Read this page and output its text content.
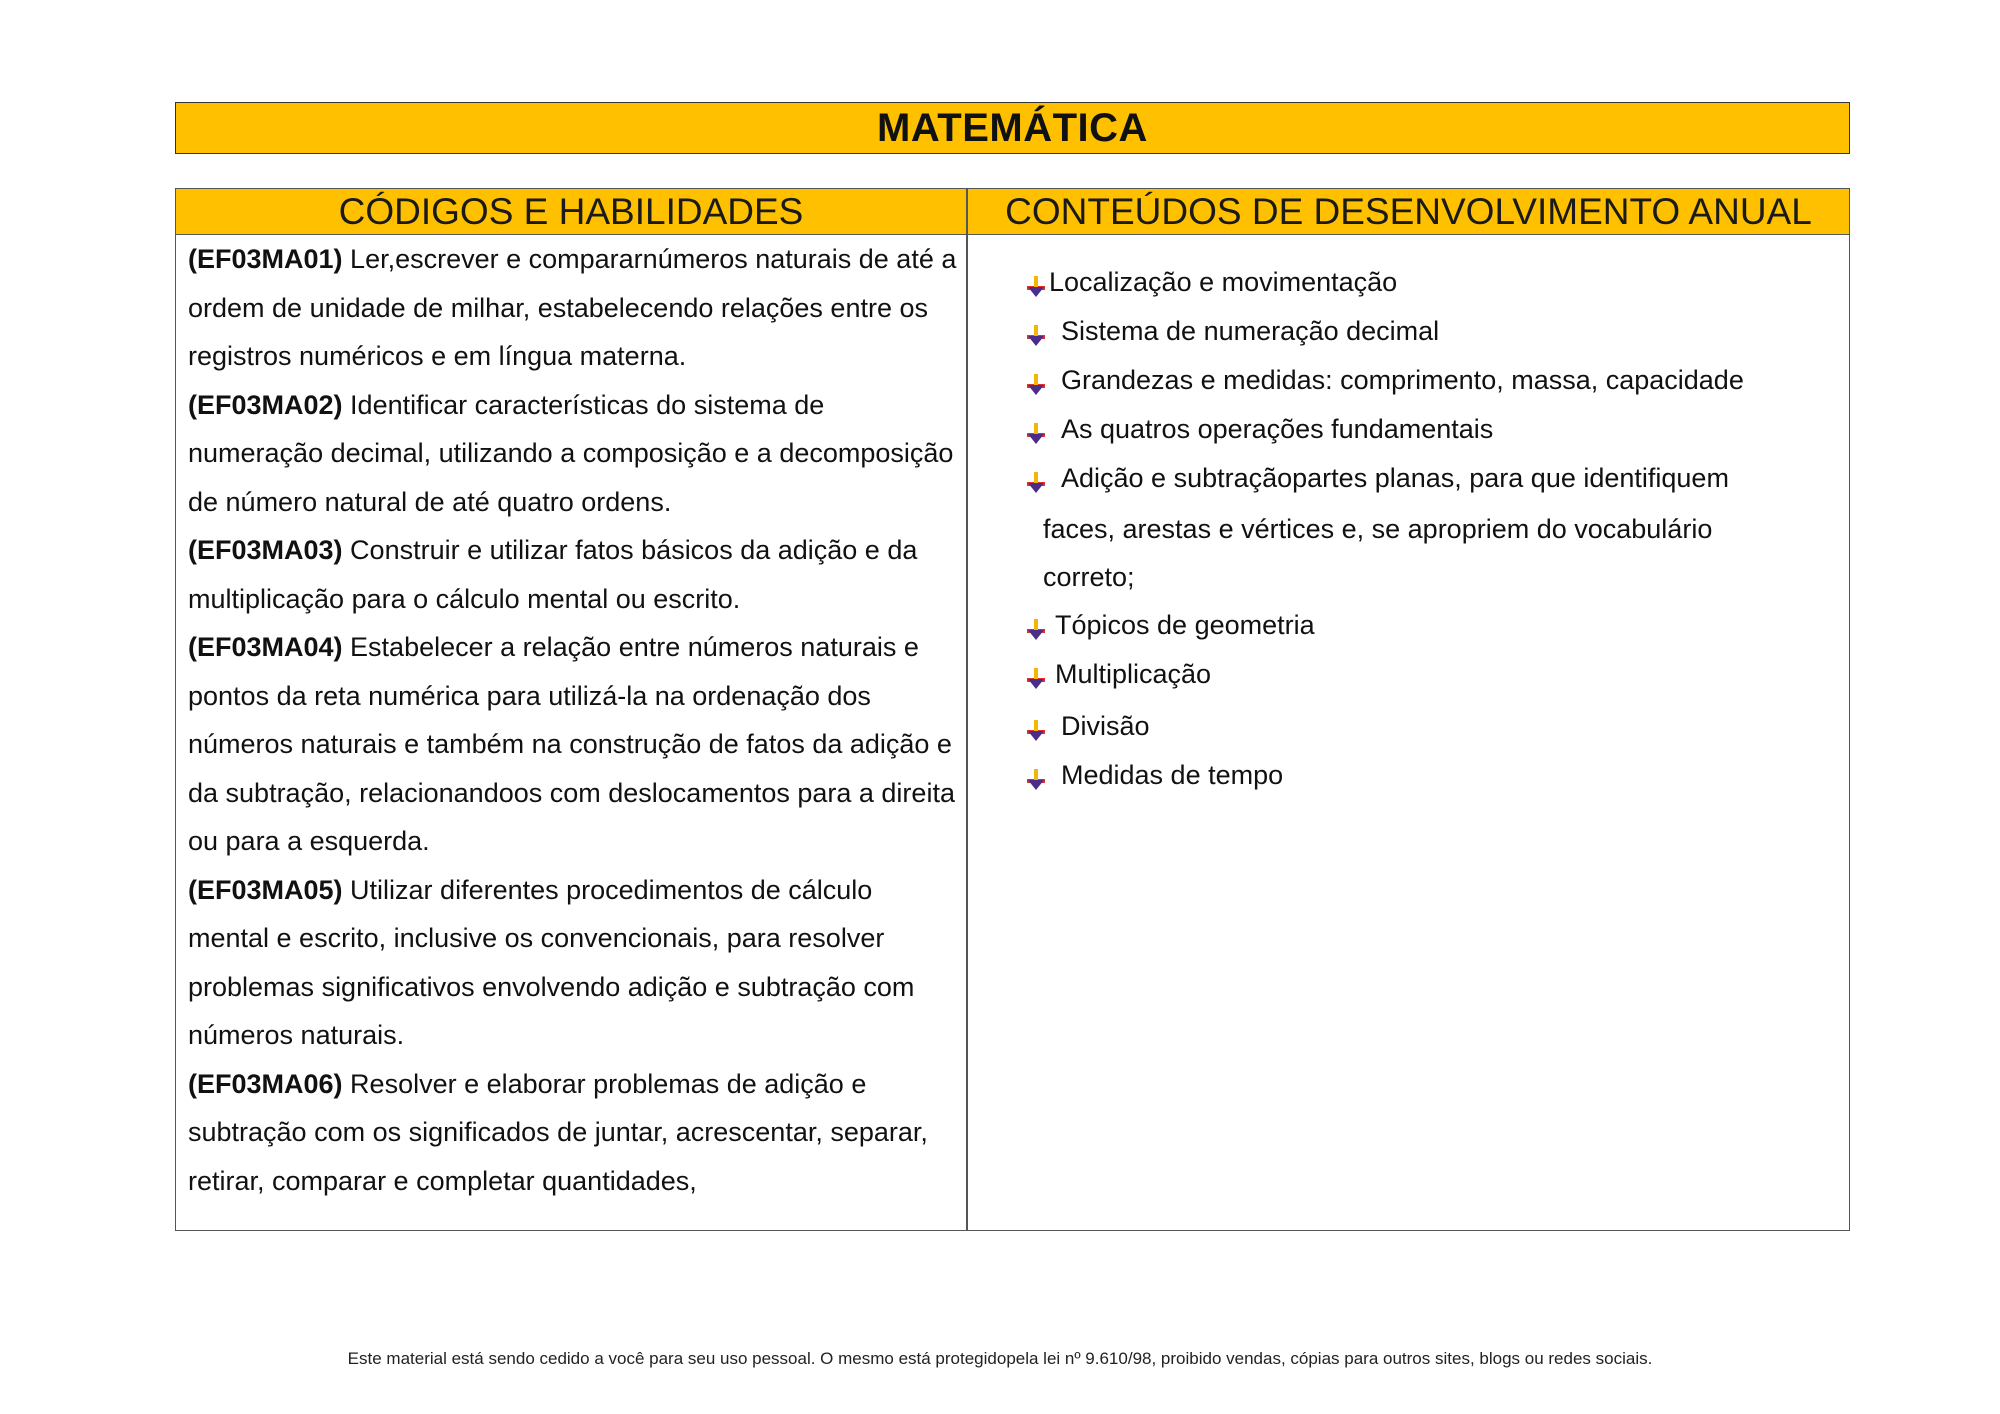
MATEMÁTICA
CÓDIGOS E HABILIDADES	CONTEÚDOS DE DESENVOLVIMENTO ANUAL
(EF03MA01) Ler,escrever e compararnúmeros naturais de até a ordem de unidade de milhar, estabelecendo relações entre os registros numéricos e em língua materna.
(EF03MA02) Identificar características do sistema de numeração decimal, utilizando a composição e a decomposição de número natural de até quatro ordens.
(EF03MA03) Construir e utilizar fatos básicos da adição e da multiplicação para o cálculo mental ou escrito.
(EF03MA04) Estabelecer a relação entre números naturais e pontos da reta numérica para utilizá-la na ordenação dos números naturais e também na construção de fatos da adição e da subtração, relacionandoos com deslocamentos para a direita ou para a esquerda.
(EF03MA05) Utilizar diferentes procedimentos de cálculo mental e escrito, inclusive os convencionais, para resolver problemas significativos envolvendo adição e subtração com números naturais.
(EF03MA06) Resolver e elaborar problemas de adição e subtração com os significados de juntar, acrescentar, separar, retirar, comparar e completar quantidades,
Localização e movimentação
Sistema de numeração decimal
Grandezas e medidas: comprimento, massa, capacidade
As quatros operações fundamentais
Adição e subtraçãopartes planas, para que identifiquem
faces, arestas e vértices e, se apropriem do vocabulário
correto;
Tópicos de geometria
Multiplicação
Divisão
Medidas de tempo
Este material está sendo cedido a você para seu uso pessoal. O mesmo está protegidopela lei nº 9.610/98, proibido vendas, cópias para outros sites, blogs ou redes sociais.
